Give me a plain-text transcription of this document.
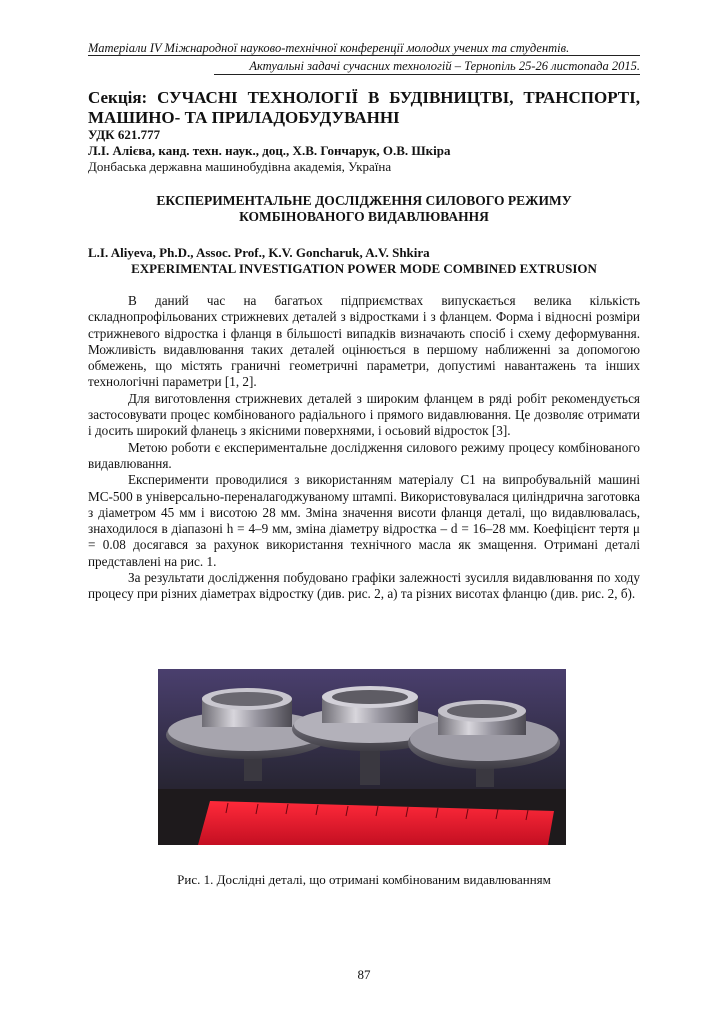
Матеріали IV Міжнародної науково-технічної конференції молодих учених та студентів.
Актуальні задачі сучасних технологій – Тернопіль 25-26 листопада 2015.
Секція: СУЧАСНІ ТЕХНОЛОГІЇ В БУДІВНИЦТВІ, ТРАНСПОРТІ, МАШИНО- ТА ПРИЛАДОБУДУВАННІ
УДК 621.777
Л.І. Алієва, канд. техн. наук., доц., Х.В. Гончарук, О.В. Шкіра
Донбаська державна машинобудівна академія, Україна
ЕКСПЕРИМЕНТАЛЬНЕ ДОСЛІДЖЕННЯ СИЛОВОГО РЕЖИМУ КОМБІНОВАНОГО ВИДАВЛЮВАННЯ
L.I. Aliyeva, Ph.D., Assoc. Prof., K.V. Goncharuk, A.V. Shkira
EXPERIMENTAL INVESTIGATION POWER MODE COMBINED EXTRUSION

В даний час на багатьох підприємствах випускається велика кількість складнопрофільованих стрижневих деталей з відростками і з фланцем. Форма і відносні розміри стрижневого відростка і фланця в більшості випадків визначають спосіб і схему деформування. Можливість видавлювання таких деталей оцінюється в першому наближенні за допомогою обмежень, що містять граничні геометричні параметри, допустимі навантажень та інших технологічні параметри [1, 2].

Для виготовлення стрижневих деталей з широким фланцем в ряді робіт рекомендується застосовувати процес комбінованого радіального і прямого видавлювання. Це дозволяє отримати і досить широкий фланець з якісними поверхнями, і осьовий відросток [3].

Метою роботи є експериментальне дослідження силового режиму процесу комбінованого видавлювання.

Експерименти проводилися з використанням матеріалу С1 на випробувальній машині МС-500 в універсально-переналагоджуваному штампі. Використовувалася циліндрична заготовка з діаметром 45 мм і висотою 28 мм. Зміна значення висоти фланця деталі, що видавлювалась, знаходилося в діапазоні h = 4–9 мм, зміна діаметру відростка – d = 16–28 мм. Коефіцієнт тертя μ = 0.08 досягався за рахунок використання технічного масла як змащення. Отримані деталі представлені на рис. 1.

За результати дослідження побудовано графіки залежності зусилля видавлювання по ходу процесу при різних діаметрах відростку (див. рис. 2, а) та різних висотах фланцю (див. рис. 2, б).

Рис. 1. Дослідні деталі, що отримані комбінованим видавлюванням
87
